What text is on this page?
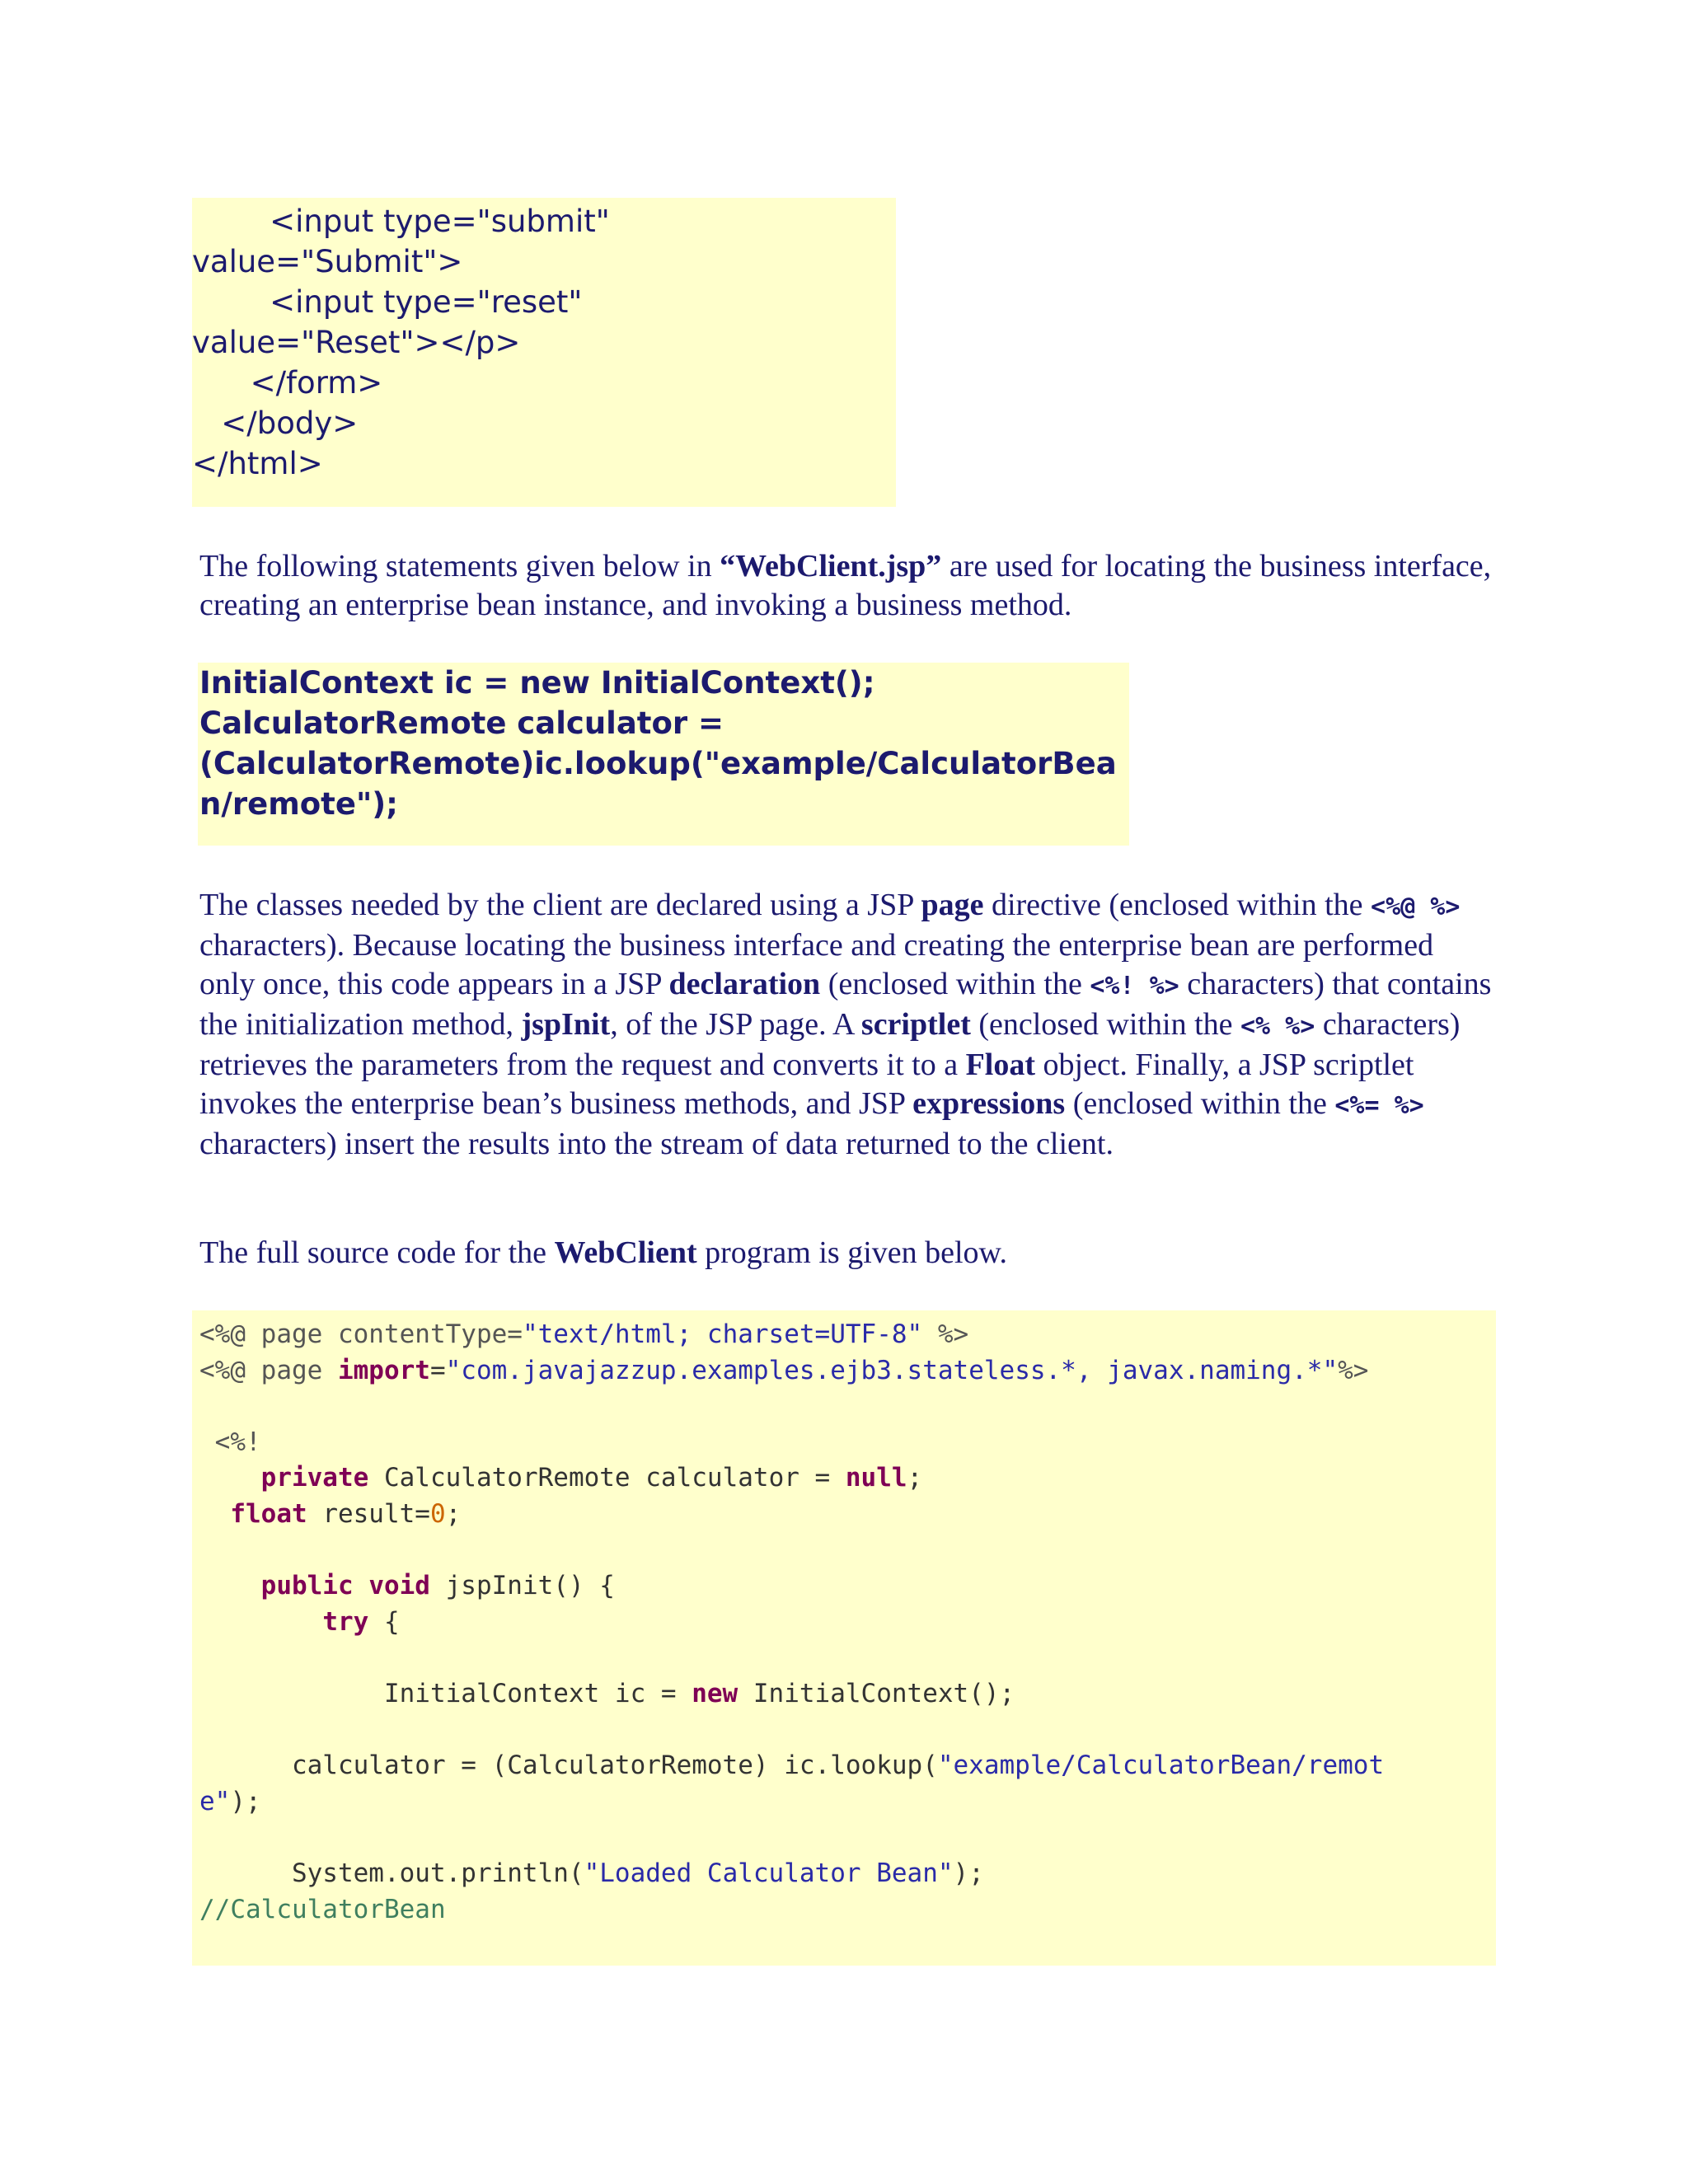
<input type="submit"
value="Submit">
<input type="reset"
value="Reset"></p>
</form>
</body>
</html>
The following statements given below in “WebClient.jsp” are used for locating the business interface, creating an enterprise bean instance, and invoking a business method.
InitialContext ic = new InitialContext();
CalculatorRemote calculator =
(CalculatorRemote)ic.lookup("example/CalculatorBea
n/remote");
The classes needed by the client are declared using a JSP page directive (enclosed within the <%@ %> characters). Because locating the business interface and creating the enterprise bean are performed only once, this code appears in a JSP declaration (enclosed within the <%! %> characters) that contains the initialization method, jspInit, of the JSP page. A scriptlet (enclosed within the <% %> characters) retrieves the parameters from the request and converts it to a Float object. Finally, a JSP scriptlet invokes the enterprise bean’s business methods, and JSP expressions (enclosed within the <%= %> characters) insert the results into the stream of data returned to the client.
The full source code for the WebClient program is given below.
<%@ page contentType="text/html; charset=UTF-8" %>
<%@ page import="com.javajazzup.examples.ejb3.stateless.*, javax.naming.*"%>
<%!
private CalculatorRemote calculator = null;
float result=0;
public void jspInit() {
try {
InitialContext ic = new InitialContext();
calculator = (CalculatorRemote) ic.lookup("example/CalculatorBean/remot
e");
System.out.println("Loaded Calculator Bean");
//CalculatorBean
